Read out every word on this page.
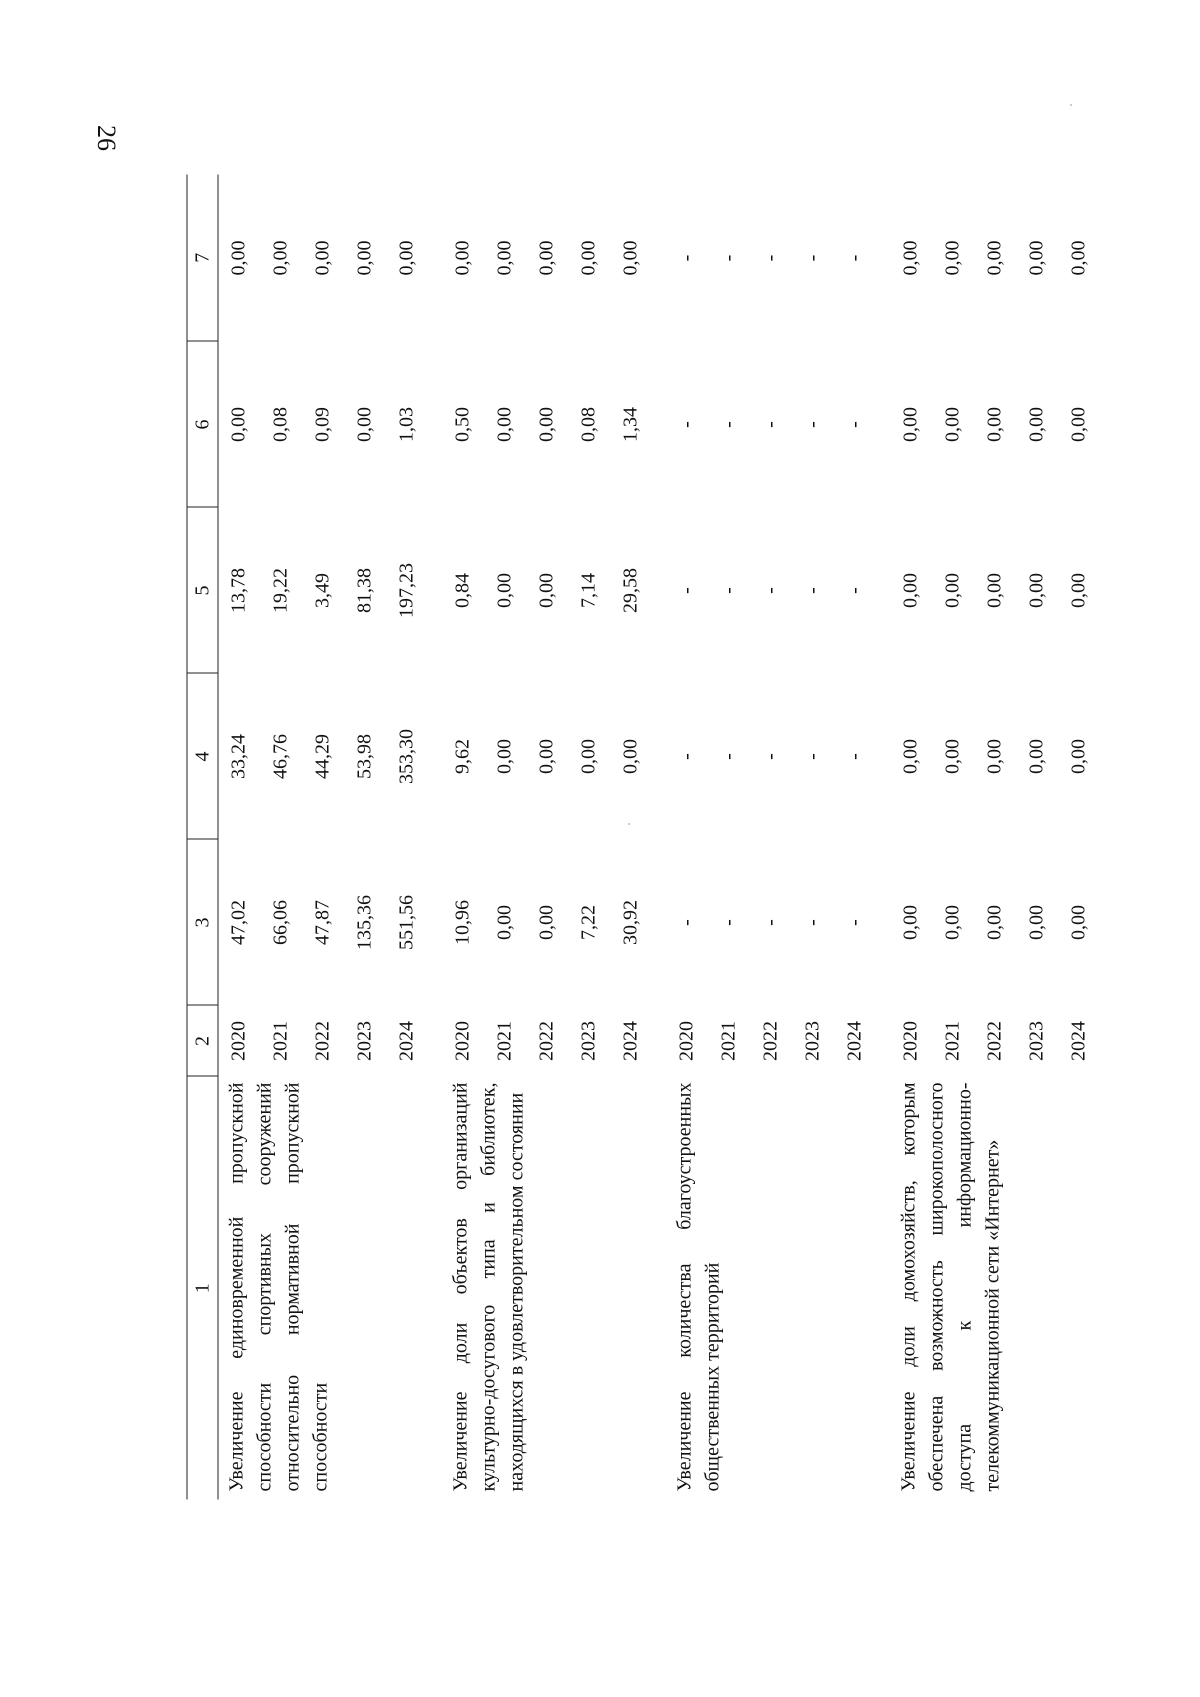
26
1	2	3	4	5	6	7
Увеличение единовременной пропускной способности спортивных сооружений относительно нормативной пропускной способности	2020	47,02	33,24	13,78	0,00	0,00
	2021	66,06	46,76	19,22	0,08	0,00
	2022	47,87	44,29	3,49	0,09	0,00
	2023	135,36	53,98	81,38	0,00	0,00
	2024	551,56	353,30	197,23	1,03	0,00
Увеличение доли объектов организаций культурно-досугового типа и библиотек, находящихся в удовлетворительном состоянии	2020	10,96	9,62	0,84	0,50	0,00
	2021	0,00	0,00	0,00	0,00	0,00
	2022	0,00	0,00	0,00	0,00	0,00
	2023	7,22	0,00	7,14	0,08	0,00
	2024	30,92	0,00	29,58	1,34	0,00
Увеличение количества благоустроенных общественных территорий	2020	-	-	-	-	-
	2021	-	-	-	-	-
	2022	-	-	-	-	-
	2023	-	-	-	-	-
	2024	-	-	-	-	-
Увеличение доли домохозяйств, которым обеспечена возможность широкополосного доступа к информационно-телекоммуникационной сети «Интернет»	2020	0,00	0,00	0,00	0,00	0,00
	2021	0,00	0,00	0,00	0,00	0,00
	2022	0,00	0,00	0,00	0,00	0,00
	2023	0,00	0,00	0,00	0,00	0,00
	2024	0,00	0,00	0,00	0,00	0,00
